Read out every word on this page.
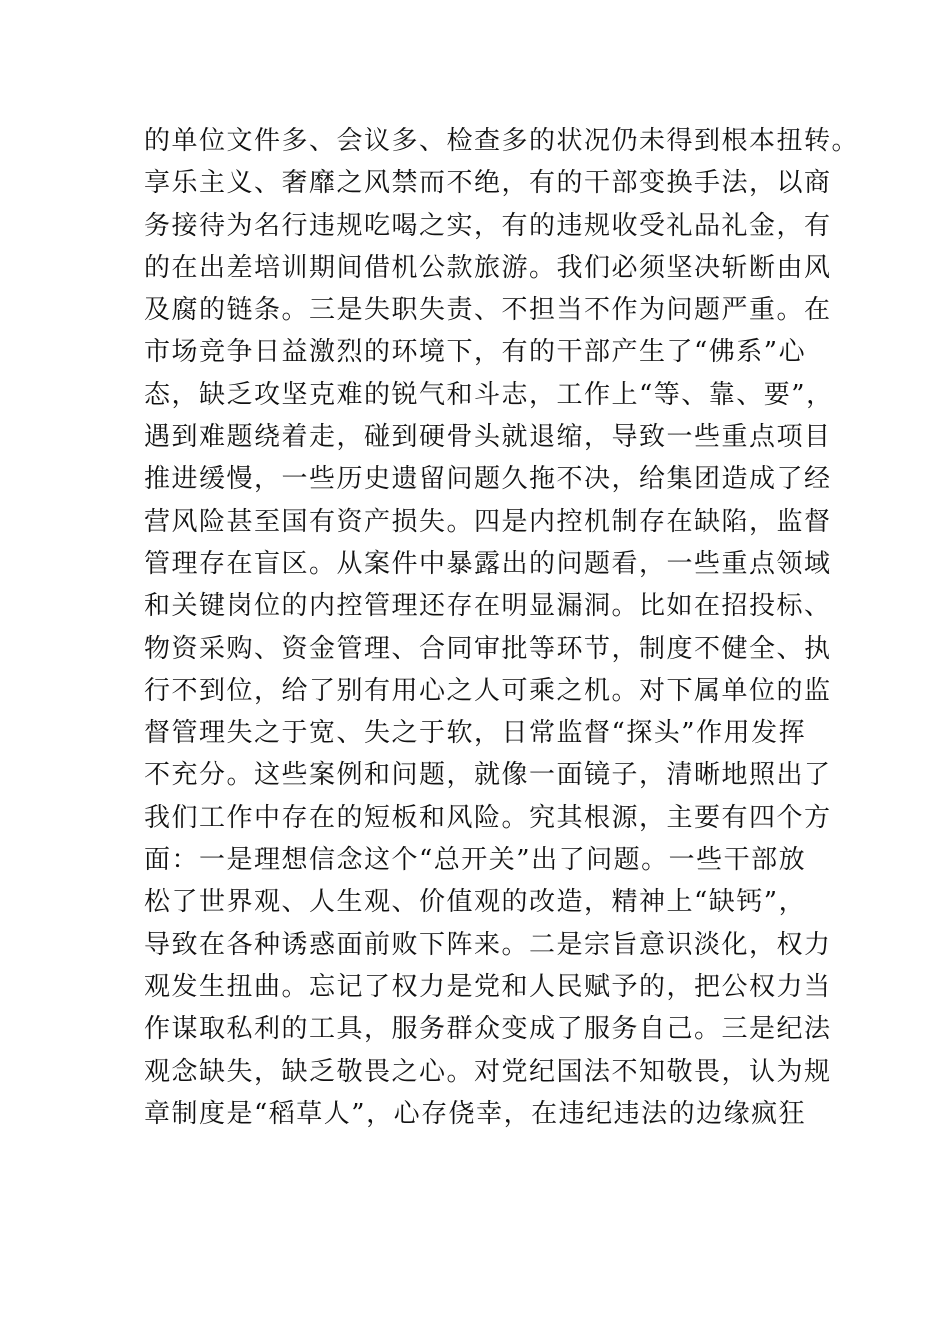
的单位文件多、会议多、检查多的状况仍未得到根本扭转。
享乐主义、奢靡之风禁而不绝，有的干部变换手法，以商
务接待为名行违规吃喝之实，有的违规收受礼品礼金，有
的在出差培训期间借机公款旅游。我们必须坚决斩断由风
及腐的链条。三是失职失责、不担当不作为问题严重。在
市场竞争日益激烈的环境下，有的干部产生了“佛系”心
态，缺乏攻坚克难的锐气和斗志，工作上“等、靠、要”，
遇到难题绕着走，碰到硬骨头就退缩，导致一些重点项目
推进缓慢，一些历史遗留问题久拖不决，给集团造成了经
营风险甚至国有资产损失。四是内控机制存在缺陷，监督
管理存在盲区。从案件中暴露出的问题看，一些重点领域
和关键岗位的内控管理还存在明显漏洞。比如在招投标、
物资采购、资金管理、合同审批等环节，制度不健全、执
行不到位，给了别有用心之人可乘之机。对下属单位的监
督管理失之于宽、失之于软，日常监督“探头”作用发挥
不充分。这些案例和问题，就像一面镜子，清晰地照出了
我们工作中存在的短板和风险。究其根源，主要有四个方
面：一是理想信念这个“总开关”出了问题。一些干部放
松了世界观、人生观、价值观的改造，精神上“缺钙”，
导致在各种诱惑面前败下阵来。二是宗旨意识淡化，权力
观发生扭曲。忘记了权力是党和人民赋予的，把公权力当
作谋取私利的工具，服务群众变成了服务自己。三是纪法
观念缺失，缺乏敬畏之心。对党纪国法不知敬畏，认为规
章制度是“稻草人”，心存侥幸，在违纪违法的边缘疯狂
